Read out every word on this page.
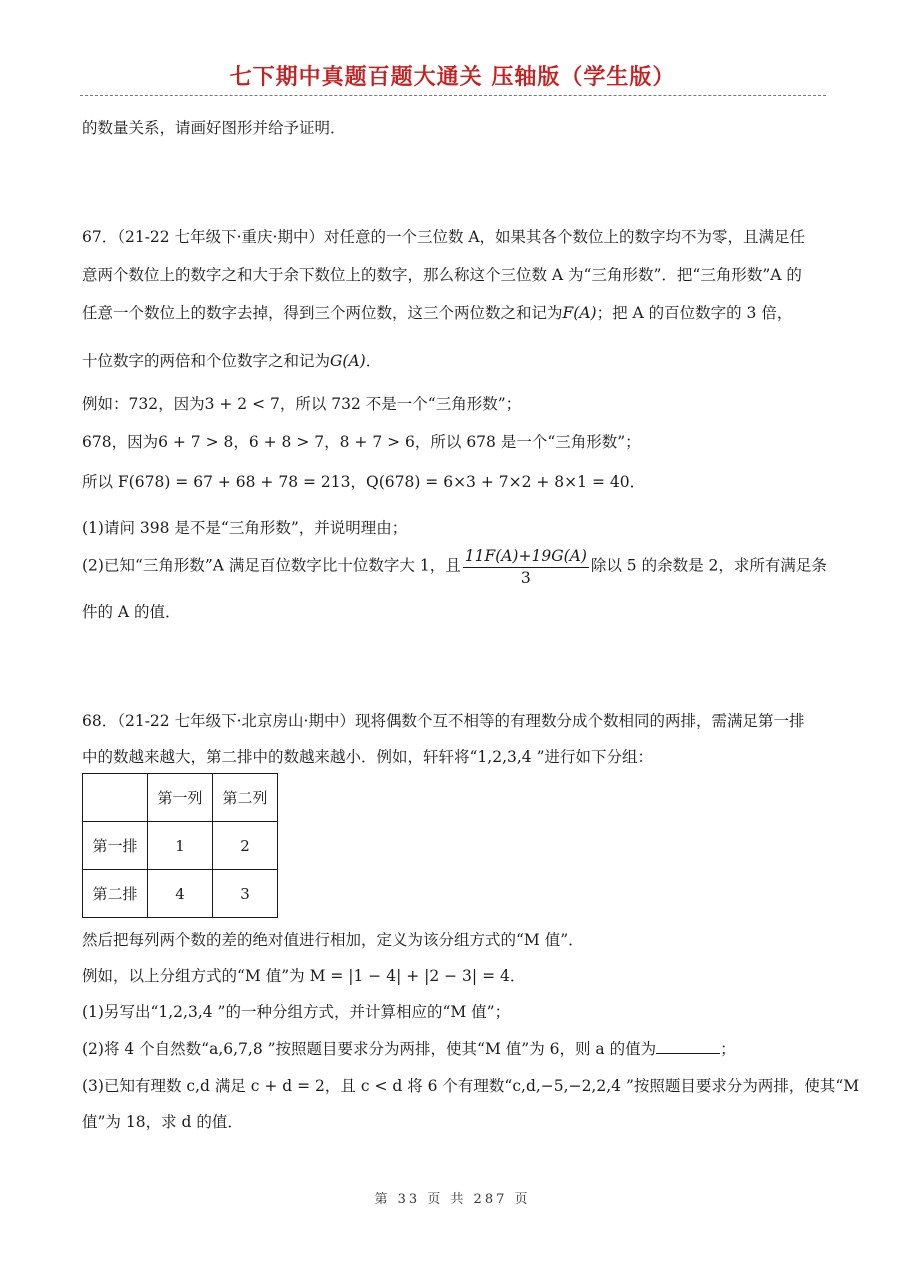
七下期中真题百题大通关 压轴版（学生版）
的数量关系，请画好图形并给予证明．
67．（21-22 七年级下·重庆·期中）对任意的一个三位数 A，如果其各个数位上的数字均不为零，且满足任
意两个数位上的数字之和大于余下数位上的数字，那么称这个三位数 A 为“三角形数”．把“三角形数”A 的
任意一个数位上的数字去掉，得到三个两位数，这三个两位数之和记为F(A)；把 A 的百位数字的 3 倍，
十位数字的两倍和个位数字之和记为G(A)．
例如：732，因为3 + 2 < 7，所以 732 不是一个“三角形数”；
678，因为6 + 7 > 8，6 + 8 > 7，8 + 7 > 6，所以 678 是一个“三角形数”；
所以 F(678) = 67 + 68 + 78 = 213，Q(678) = 6×3 + 7×2 + 8×1 = 40．
(1)请问 398 是不是“三角形数”，并说明理由；
(2)已知“三角形数”A 满足百位数字比十位数字大 1，且 $\frac{11F(A)+19G(A)}{3}$ 除以 5 的余数是 2，求所有满足条
件的 A 的值．
68．（21-22 七年级下·北京房山·期中）现将偶数个互不相等的有理数分成个数相同的两排，需满足第一排
中的数越来越大，第二排中的数越来越小．例如，轩轩将“1,2,3,4 ”进行如下分组：
	第一列	第二列
第一排	1	2
第二排	4	3
然后把每列两个数的差的绝对值进行相加，定义为该分组方式的“M 值”．
例如，以上分组方式的“M 值”为 M = |1 − 4| + |2 − 3| = 4．
(1)另写出“1,2,3,4 ”的一种分组方式，并计算相应的“M 值”；
(2)将 4 个自然数“a,6,7,8 ”按照题目要求分为两排，使其“M 值”为 6，则 a 的值为	；
(3)已知有理数 c,d 满足 c + d = 2，且 c < d 将 6 个有理数“c,d,−5,−2,2,4 ”按照题目要求分为两排，使其“M
值”为 18，求 d 的值．
第 33 页 共 287 页
